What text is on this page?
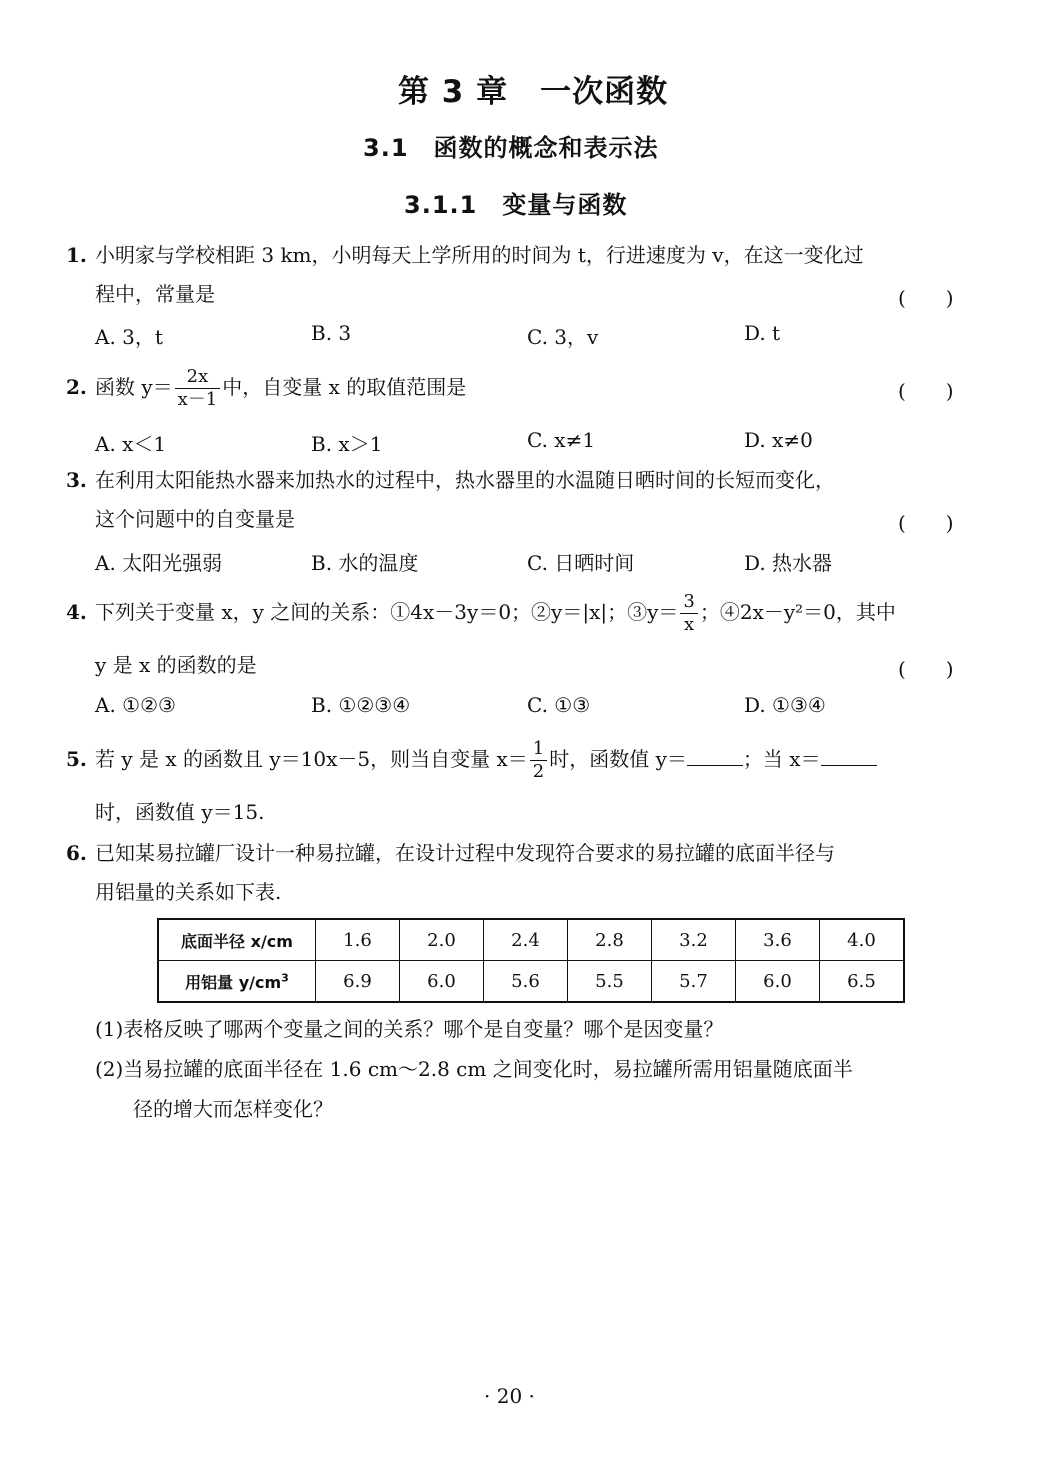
第 3 章　一次函数
3.1　函数的概念和表示法
3.1.1　变量与函数
1. 小明家与学校相距 3 km，小明每天上学所用的时间为 t，行进速度为 v，在这一变化过
程中，常量是	(　　)
A. 3，t	B. 3	C. 3，v	D. t
2. 函数 $y= \frac{2x}{x-1}$ 中，自变量 x 的取值范围是	(　　)
A. x＜1	B. x＞1	C. x≠1	D. x≠0
3. 在利用太阳能热水器来加热水的过程中，热水器里的水温随日晒时间的长短而变化，
这个问题中的自变量是	(　　)
A. 太阳光强弱	B. 水的温度	C. 日晒时间	D. 热水器
4. 下列关于变量 x，y 之间的关系：①4x－3y＝0；②y＝|x|；③y＝ $\frac{3}{x}$ ；④2x－y²＝0，其中
y 是 x 的函数的是	(　　)
A. ①②③	B. ①②③④	C. ①③	D. ①③④
5. 若 y 是 x 的函数且 y＝10x－5，则当自变量 $x= \frac{1}{2}$ 时，函数值 y＝	；当 x＝
时，函数值 y＝15.
6. 已知某易拉罐厂设计一种易拉罐，在设计过程中发现符合要求的易拉罐的底面半径与
用铝量的关系如下表.
底面半径 x/cm	1.6	2.0	2.4	2.8	3.2	3.6	4.0
用铝量 $y/cm^3$	6.9	6.0	5.6	5.5	5.7	6.0	6.5
(1)表格反映了哪两个变量之间的关系？哪个是自变量？哪个是因变量？
(2)当易拉罐的底面半径在 1.6 cm～2.8 cm 之间变化时，易拉罐所需用铝量随底面半
径的增大而怎样变化？
· 20 ·
